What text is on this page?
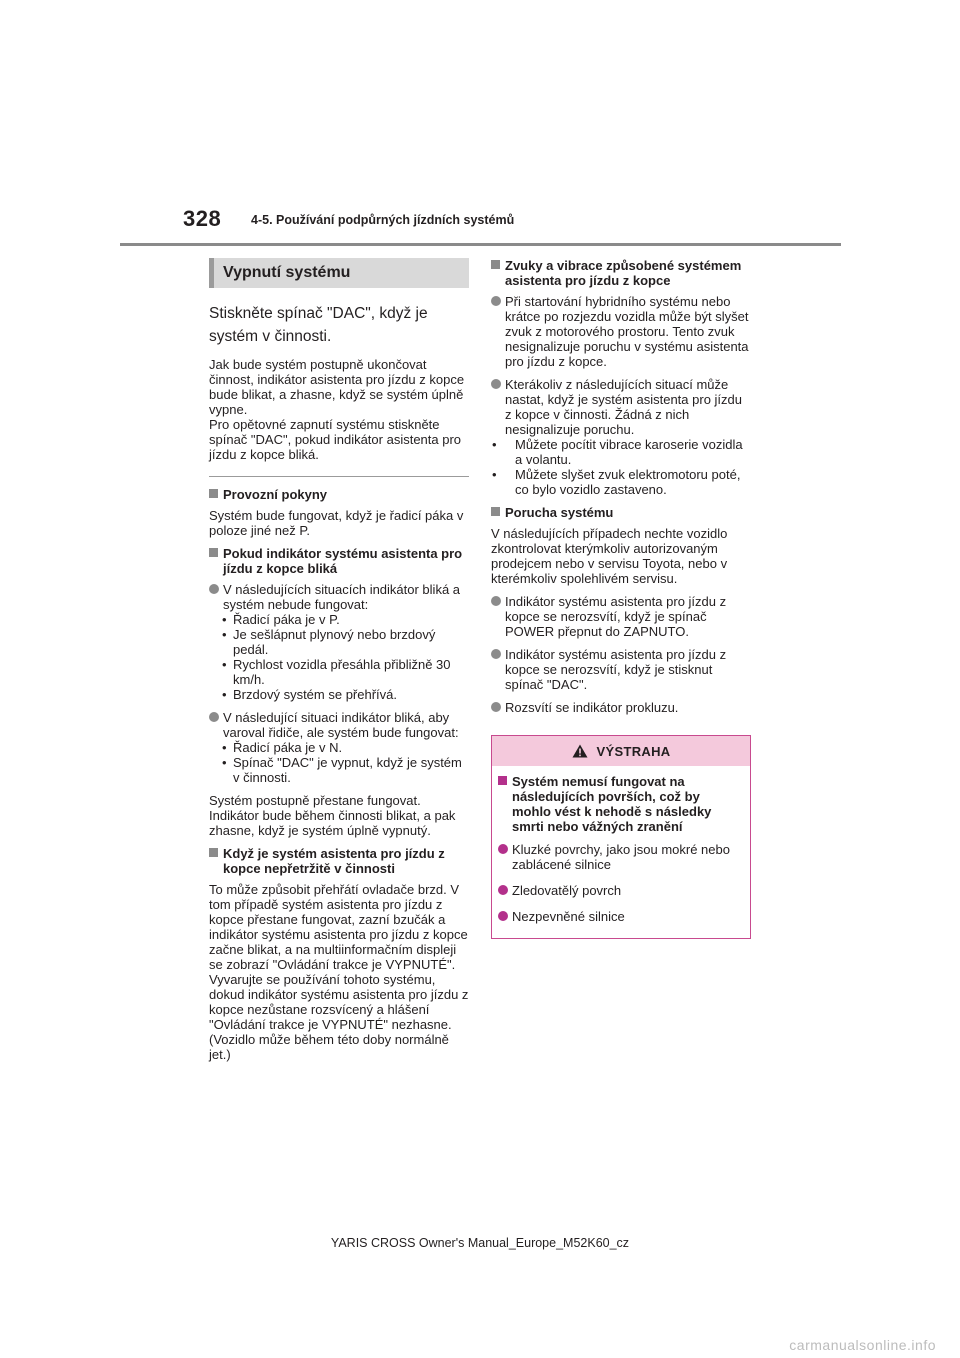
328 4-5. Používání podpůrných jízdních systémů
Vypnutí systému

Stiskněte spínač "DAC", když je systém v činnosti.

Jak bude systém postupně ukončovat činnost, indikátor asistenta pro jízdu z kopce bude blikat, a zhasne, když se systém úplně vypne.

Pro opětovné zapnutí systému stiskněte spínač "DAC", pokud indikátor asistenta pro jízdu z kopce bliká.

Provozní pokyny

Systém bude fungovat, když je řadicí páka v poloze jiné než P.

Pokud indikátor systému asistenta pro jízdu z kopce bliká
V následujících situacích indikátor bliká a systém nebude fungovat:
• Řadicí páka je v P.
• Je sešlápnut plynový nebo brzdový pedál.
• Rychlost vozidla přesáhla přibližně 30 km/h.
• Brzdový systém se přehřívá.
V následující situaci indikátor bliká, aby varoval řidiče, ale systém bude fungovat:
• Řadicí páka je v N.
• Spínač "DAC" je vypnut, když je systém v činnosti.

Systém postupně přestane fungovat. Indikátor bude během činnosti blikat, a pak zhasne, když je systém úplně vypnutý.

Když je systém asistenta pro jízdu z kopce nepřetržitě v činnosti

To může způsobit přehřátí ovladače brzd. V tom případě systém asistenta pro jízdu z kopce přestane fungovat, zazní bzučák a indikátor systému asistenta pro jízdu z kopce začne blikat, a na multiinformačním displeji se zobrazí "Ovládání trakce je VYPNUTÉ". Vyvarujte se používání tohoto systému, dokud indikátor systému asistenta pro jízdu z kopce nezůstane rozsvícený a hlášení "Ovládání trakce je VYPNUTÉ" nezhasne. (Vozidlo může během této doby normálně jet.)

Zvuky a vibrace způsobené systémem asistenta pro jízdu z kopce
Při startování hybridního systému nebo krátce po rozjezdu vozidla může být slyšet zvuk z motorového prostoru. Tento zvuk nesignalizuje poruchu v systému asistenta pro jízdu z kopce.
Kterákoliv z následujících situací může nastat, když je systém asistenta pro jízdu z kopce v činnosti. Žádná z nich nesignalizuje poruchu.
• Můžete pocítit vibrace karoserie vozidla a volantu.
• Můžete slyšet zvuk elektromotoru poté, co bylo vozidlo zastaveno.
Porucha systému

V následujících případech nechte vozidlo zkontrolovat kterýmkoliv autorizovaným prodejcem nebo v servisu Toyota, nebo v kterémkoliv spolehlivém servisu.

Indikátor systému asistenta pro jízdu z kopce se nerozsvítí, když je spínač POWER přepnut do ZAPNUTO.
Indikátor systému asistenta pro jízdu z kopce se nerozsvítí, když je stisknut spínač "DAC".
Rozsvítí se indikátor prokluzu.
VÝSTRAHA
Systém nemusí fungovat na následujících površích, což by mohlo vést k nehodě s následky smrti nebo vážných zranění
Kluzké povrchy, jako jsou mokré nebo zablácené silnice
Zledovatělý povrch
Nezpevněné silnice
YARIS CROSS Owner's Manual_Europe_M52K60_cz
carmanualsonline.info
